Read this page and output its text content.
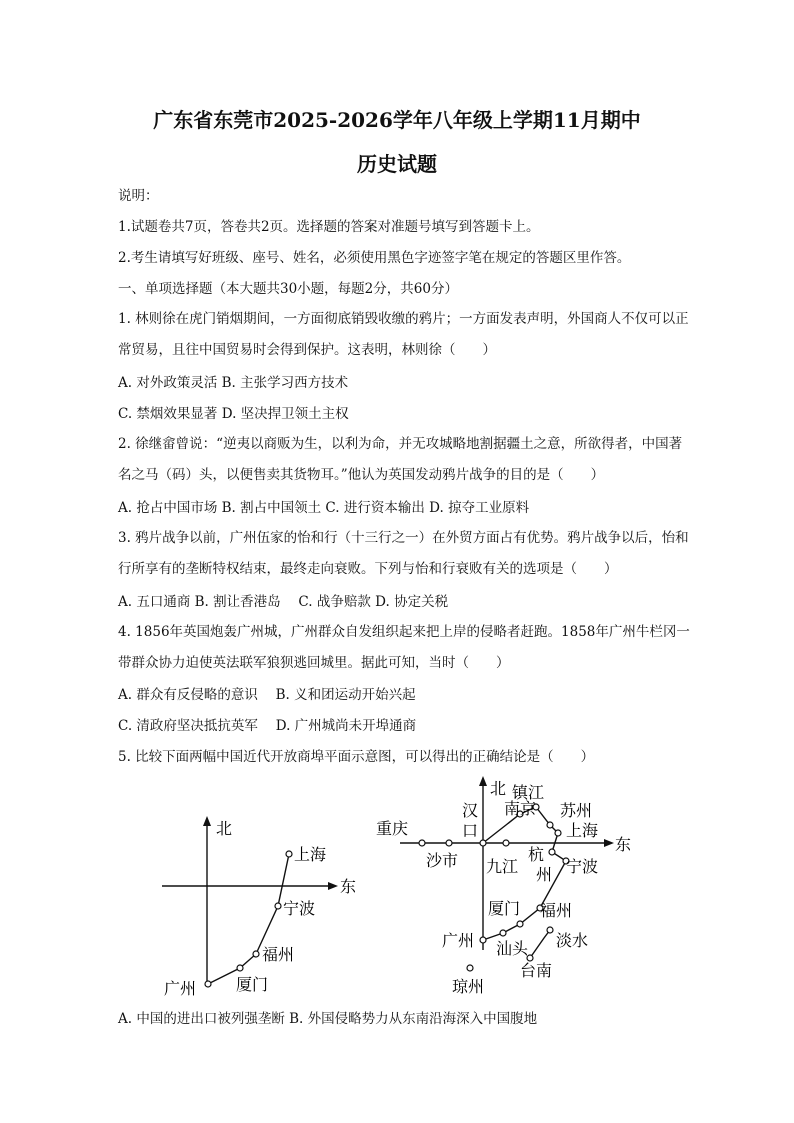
广东省东莞市2025-2026学年八年级上学期11月期中
历史试题
说明：
1.试题卷共7页，答卷共2页。选择题的答案对准题号填写到答题卡上。
2.考生请填写好班级、座号、姓名，必须使用黑色字迹签字笔在规定的答题区里作答。
一、单项选择题（本大题共30小题，每题2分，共60分）
1. 林则徐在虎门销烟期间，一方面彻底销毁收缴的鸦片；一方面发表声明，外国商人不仅可以正常贸易，且往中国贸易时会得到保护。这表明，林则徐（　　）
A. 对外政策灵活 B. 主张学习西方技术
C. 禁烟效果显著 D. 坚决捍卫领土主权
2. 徐继畲曾说：“逆夷以商贩为生，以利为命，并无攻城略地割据疆土之意，所欲得者，中国著名之马（码）头，以便售卖其货物耳。”他认为英国发动鸦片战争的目的是（　　）
A. 抢占中国市场 B. 割占中国领土 C. 进行资本输出 D. 掠夺工业原料
3. 鸦片战争以前，广州伍家的怡和行（十三行之一）在外贸方面占有优势。鸦片战争以后，怡和行所享有的垄断特权结束，最终走向衰败。下列与怡和行衰败有关的选项是（　　）
A. 五口通商 B. 割让香港岛　 C. 战争赔款 D. 协定关税
4. 1856年英国炮轰广州城，广州群众自发组织起来把上岸的侵略者赶跑。1858年广州牛栏冈一带群众协力迫使英法联军狼狈逃回城里。据此可知，当时（　　）
A. 群众有反侵略的意识　 B. 义和团运动开始兴起
C. 清政府坚决抵抗英军　 D. 广州城尚未开埠通商
5. 比较下面两幅中国近代开放商埠平面示意图，可以得出的正确结论是（　　）
北
东
上海
宁波
福州
厦门
广州
北
东
重庆
沙市
汉
口
九江
南京
镇江
苏州
上海
杭
州 宁波
福州
厦门
汕头
广州	淡水
台南
琼州
A. 中国的进出口被列强垄断 B. 外国侵略势力从东南沿海深入中国腹地
